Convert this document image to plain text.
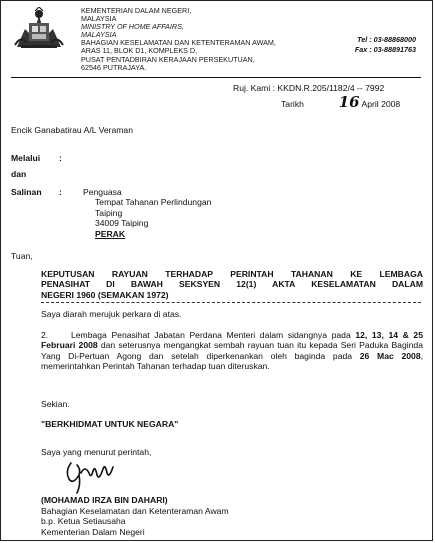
KEMENTERIAN DALAM NEGERI,
MALAYSIA
MINISTRY OF HOME AFFAIRS,
MALAYSIA
BAHAGIAN KESELAMATAN DAN KETENTERAMAN AWAM,
ARAS 11, BLOK D1, KOMPLEKS D,
PUSAT PENTADBIRAN KERAJAAN PERSEKUTUAN,
62546 PUTRAJAYA.
Tel : 03-88868000
Fax : 03-88891763
Ruj. Kami : KKDN.R.205/1182/4 -- 7992
Tarikh 16 April 2008
Encik Ganabatirau A/L Veraman
Melalui :
dan
Salinan : Penguasa
Tempat Tahanan Perlindungan
Taiping
34009 Taiping
PERAK
Tuan,
KEPUTUSAN RAYUAN TERHADAP PERINTAH TAHANAN KE LEMBAGA
PENASIHAT DI BAWAH SEKSYEN 12(1) AKTA KESELAMATAN DALAM
NEGERI 1960 (SEMAKAN 1972)
Saya diarah merujuk perkara di atas.
2.	Lembaga Penasihat Jabatan Perdana Menteri dalam sidangnya pada 12, 13, 14 & 25 Februari 2008 dan seterusnya mengangkat sembah rayuan tuan itu kepada Seri Paduka Baginda Yang Di-Pertuan Agong dan setelah diperkenankan oleh baginda pada 26 Mac 2008, memerintahkan Perintah Tahanan terhadap tuan diteruskan.
Sekian.
"BERKHIDMAT UNTUK NEGARA"
Saya yang menurut perintah,
(MOHAMAD IRZA BIN DAHARI)
Bahagian Keselamatan dan Ketenteraman Awam
b.p. Ketua Setiausaha
Kementerian Dalam Negeri
